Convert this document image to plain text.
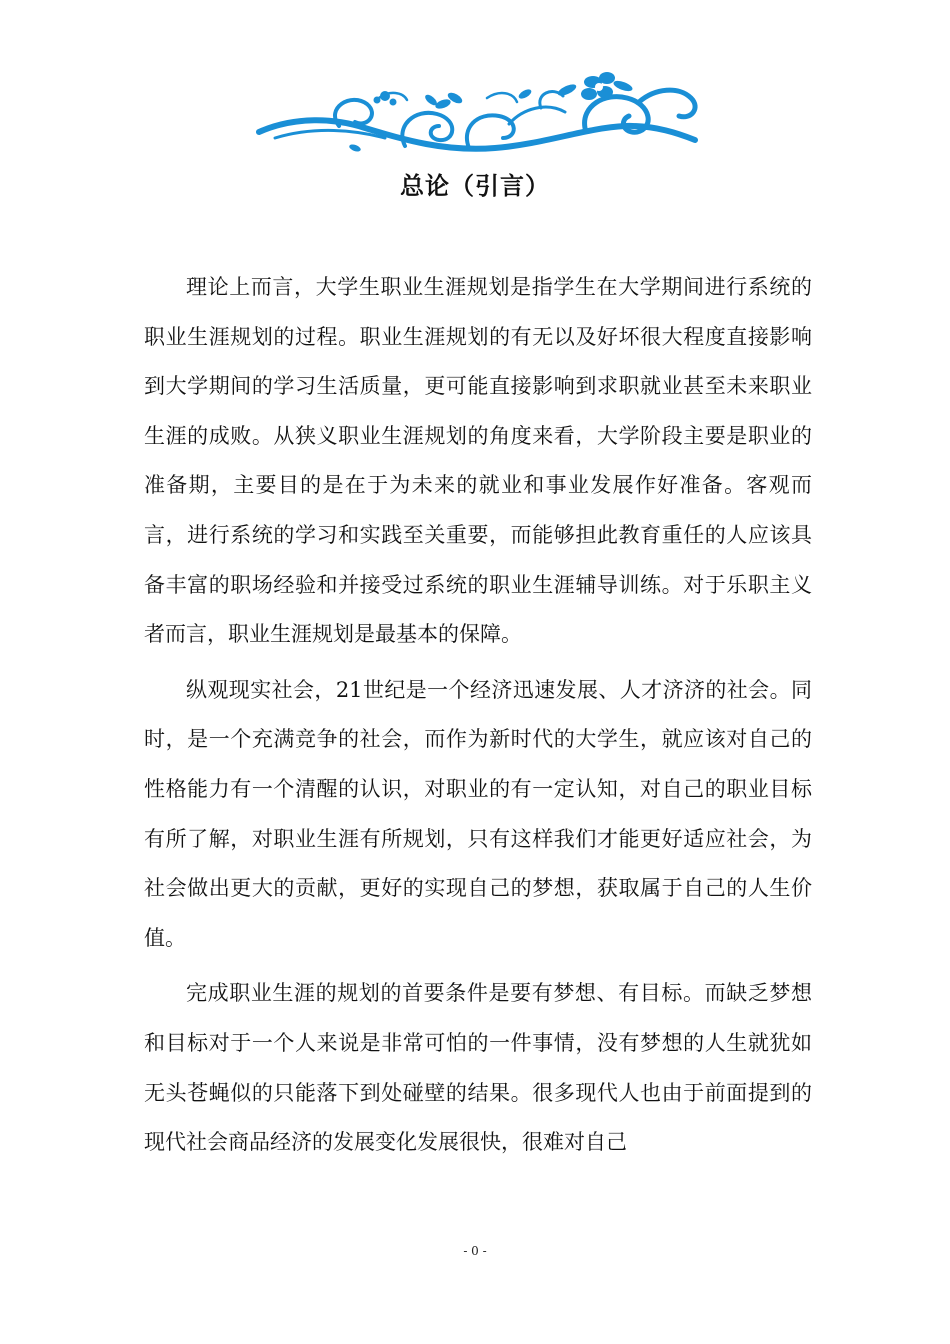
总论（引言）

理论上而言，大学生职业生涯规划是指学生在大学期间进行系统的职业生涯规划的过程。职业生涯规划的有无以及好坏很大程度直接影响到大学期间的学习生活质量，更可能直接影响到求职就业甚至未来职业生涯的成败。从狭义职业生涯规划的角度来看，大学阶段主要是职业的准备期，主要目的是在于为未来的就业和事业发展作好准备。客观而言，进行系统的学习和实践至关重要，而能够担此教育重任的人应该具备丰富的职场经验和并接受过系统的职业生涯辅导训练。对于乐职主义者而言，职业生涯规划是最基本的保障。

纵观现实社会，21世纪是一个经济迅速发展、人才济济的社会。同时，是一个充满竞争的社会，而作为新时代的大学生，就应该对自己的性格能力有一个清醒的认识，对职业的有一定认知，对自己的职业目标有所了解，对职业生涯有所规划，只有这样我们才能更好适应社会，为社会做出更大的贡献，更好的实现自己的梦想，获取属于自己的人生价值。

完成职业生涯的规划的首要条件是要有梦想、有目标。而缺乏梦想和目标对于一个人来说是非常可怕的一件事情，没有梦想的人生就犹如无头苍蝇似的只能落下到处碰壁的结果。很多现代人也由于前面提到的现代社会商品经济的发展变化发展很快，很难对自己

- 0 -
